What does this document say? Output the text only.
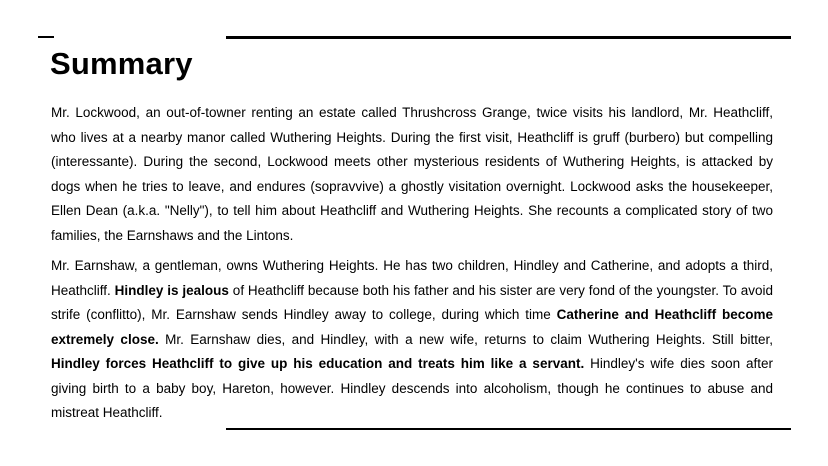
Summary

Mr. Lockwood, an out-of-towner renting an estate called Thrushcross Grange, twice visits his landlord, Mr. Heathcliff, who lives at a nearby manor called Wuthering Heights. During the first visit, Heathcliff is gruff (burbero) but compelling (interessante). During the second, Lockwood meets other mysterious residents of Wuthering Heights, is attacked by dogs when he tries to leave, and endures (sopravvive) a ghostly visitation overnight. Lockwood asks the housekeeper, Ellen Dean (a.k.a. "Nelly"), to tell him about Heathcliff and Wuthering Heights. She recounts a complicated story of two families, the Earnshaws and the Lintons.

Mr. Earnshaw, a gentleman, owns Wuthering Heights. He has two children, Hindley and Catherine, and adopts a third, Heathcliff. Hindley is jealous of Heathcliff because both his father and his sister are very fond of the youngster. To avoid strife (conflitto), Mr. Earnshaw sends Hindley away to college, during which time Catherine and Heathcliff become extremely close. Mr. Earnshaw dies, and Hindley, with a new wife, returns to claim Wuthering Heights. Still bitter, Hindley forces Heathcliff to give up his education and treats him like a servant. Hindley's wife dies soon after giving birth to a baby boy, Hareton, however. Hindley descends into alcoholism, though he continues to abuse and mistreat Heathcliff.
